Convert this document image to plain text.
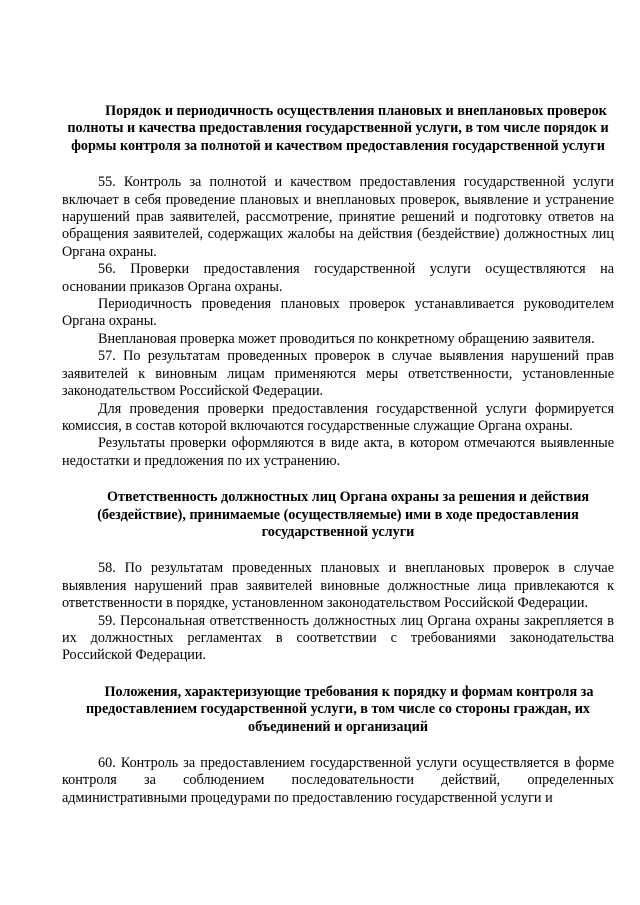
Порядок и периодичность осуществления плановых и внеплановых проверок полноты и качества предоставления государственной услуги, в том числе порядок и формы контроля за полнотой и качеством предоставления государственной услуги

55. Контроль за полнотой и качеством предоставления государственной услуги включает в себя проведение плановых и внеплановых проверок, выявление и устранение нарушений прав заявителей, рассмотрение, принятие решений и подготовку ответов на обращения заявителей, содержащих жалобы на действия (бездействие) должностных лиц Органа охраны.

56. Проверки предоставления государственной услуги осуществляются на основании приказов Органа охраны.

Периодичность проведения плановых проверок устанавливается руководителем Органа охраны.

Внеплановая проверка может проводиться по конкретному обращению заявителя.

57. По результатам проведенных проверок в случае выявления нарушений прав заявителей к виновным лицам применяются меры ответственности, установленные законодательством Российской Федерации.

Для проведения проверки предоставления государственной услуги формируется комиссия, в состав которой включаются государственные служащие Органа охраны.

Результаты проверки оформляются в виде акта, в котором отмечаются выявленные недостатки и предложения по их устранению.

Ответственность должностных лиц Органа охраны за решения и действия (бездействие), принимаемые (осуществляемые) ими в ходе предоставления государственной услуги

58. По результатам проведенных плановых и внеплановых проверок в случае выявления нарушений прав заявителей виновные должностные лица привлекаются к ответственности в порядке, установленном законодательством Российской Федерации.

59. Персональная ответственность должностных лиц Органа охраны закрепляется в их должностных регламентах в соответствии с требованиями законодательства Российской Федерации.

Положения, характеризующие требования к порядку и формам контроля за предоставлением государственной услуги, в том числе со стороны граждан, их объединений и организаций

60. Контроль за предоставлением государственной услуги осуществляется в форме контроля за соблюдением последовательности действий, определенных административными процедурами по предоставлению государственной услуги и
